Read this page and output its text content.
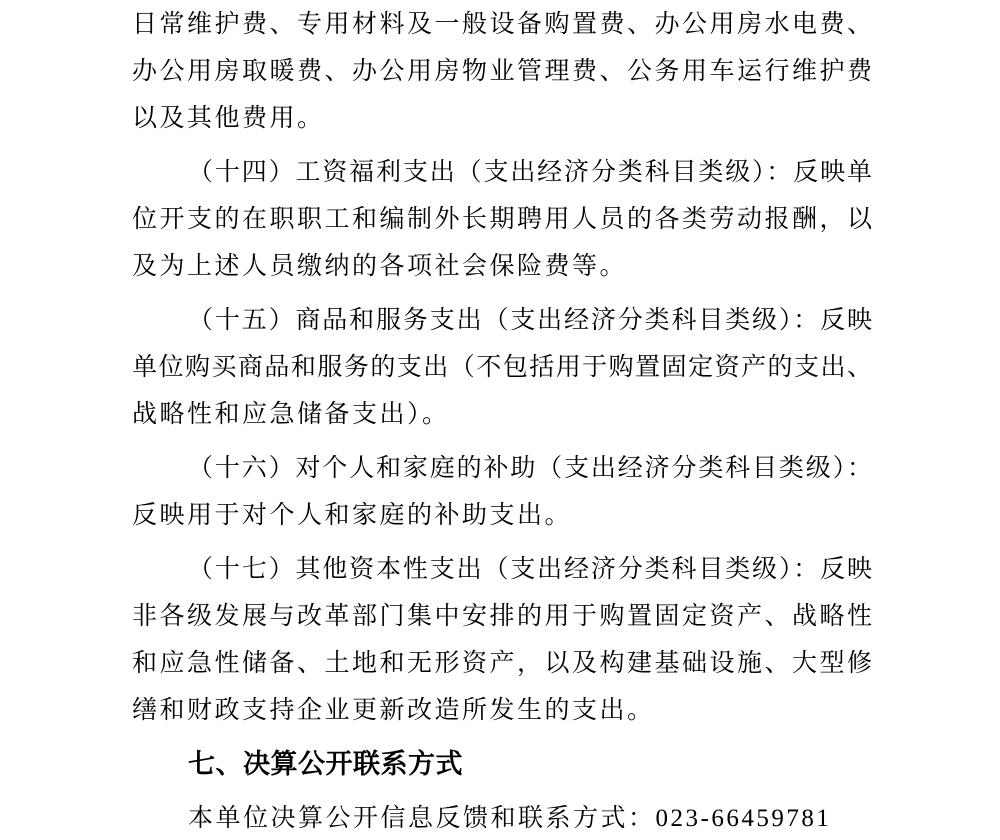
日常维护费、专用材料及一般设备购置费、办公用房水电费、
办公用房取暖费、办公用房物业管理费、公务用车运行维护费
以及其他费用。
（十四）工资福利支出（支出经济分类科目类级）：反映单
位开支的在职职工和编制外长期聘用人员的各类劳动报酬，以
及为上述人员缴纳的各项社会保险费等。
（十五）商品和服务支出（支出经济分类科目类级）：反映
单位购买商品和服务的支出（不包括用于购置固定资产的支出、
战略性和应急储备支出）。
（十六）对个人和家庭的补助（支出经济分类科目类级）：
反映用于对个人和家庭的补助支出。
（十七）其他资本性支出（支出经济分类科目类级）：反映
非各级发展与改革部门集中安排的用于购置固定资产、战略性
和应急性储备、土地和无形资产，以及构建基础设施、大型修
缮和财政支持企业更新改造所发生的支出。
七、决算公开联系方式
本单位决算公开信息反馈和联系方式：023-66459781
